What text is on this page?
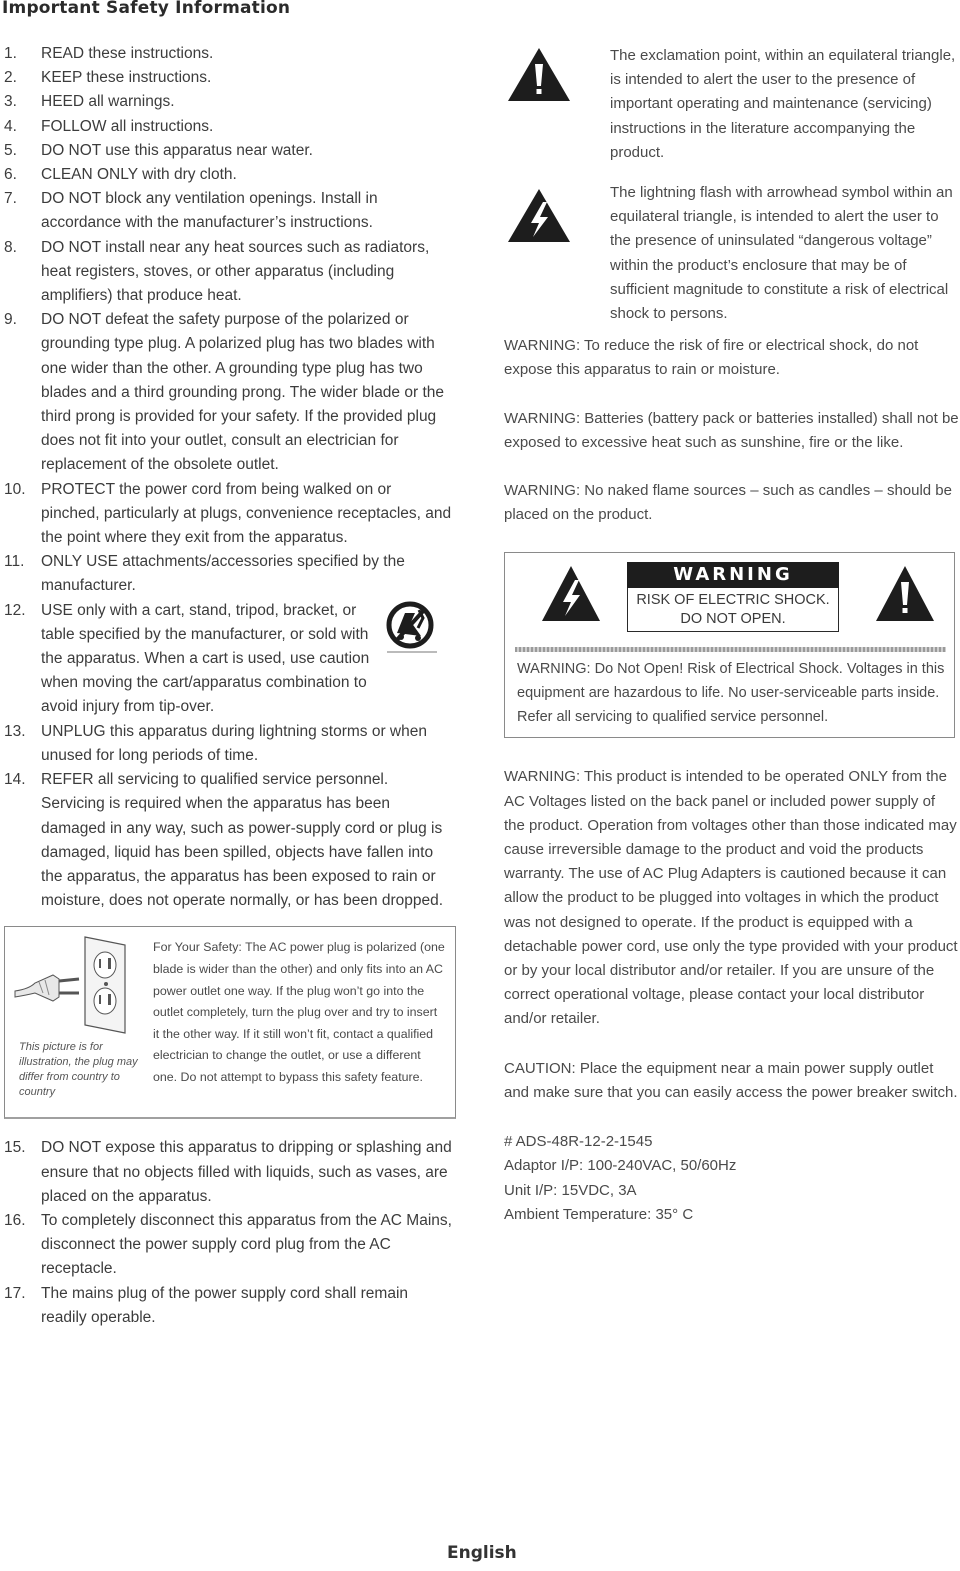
Important Safety Information
1. READ these instructions.
2. KEEP these instructions.
3. HEED all warnings.
4. FOLLOW all instructions.
5. DO NOT use this apparatus near water.
6. CLEAN ONLY with dry cloth.
7. DO NOT block any ventilation openings. Install in accordance with the manufacturer’s instructions.
8. DO NOT install near any heat sources such as radiators, heat registers, stoves, or other apparatus (including amplifiers) that produce heat.
9. DO NOT defeat the safety purpose of the polarized or grounding type plug. A polarized plug has two blades with one wider than the other. A grounding type plug has two blades and a third grounding prong. The wider blade or the third prong is provided for your safety. If the provided plug does not fit into your outlet, consult an electrician for replacement of the obsolete outlet.
10. PROTECT the power cord from being walked on or pinched, particularly at plugs, convenience receptacles, and the point where they exit from the apparatus.
11. ONLY USE attachments/accessories specified by the manufacturer.
12. USE only with a cart, stand, tripod, bracket, or table specified by the manufacturer, or sold with the apparatus. When a cart is used, use caution when moving the cart/apparatus combination to avoid injury from tip-over.
13. UNPLUG this apparatus during lightning storms or when unused for long periods of time.
14. REFER all servicing to qualified service personnel. Servicing is required when the apparatus has been damaged in any way, such as power-supply cord or plug is damaged, liquid has been spilled, objects have fallen into the apparatus, the apparatus has been exposed to rain or moisture, does not operate normally, or has been dropped.
This picture is for illustration, the plug may differ from country to country
For Your Safety: The AC power plug is polarized (one blade is wider than the other) and only fits into an AC power outlet one way. If the plug won’t go into the outlet completely, turn the plug over and try to insert it the other way. If it still won’t fit, contact a qualified electrician to change the outlet, or use a different one. Do not attempt to bypass this safety feature.
15. DO NOT expose this apparatus to dripping or splashing and ensure that no objects filled with liquids, such as vases, are placed on the apparatus.
16. To completely disconnect this apparatus from the AC Mains, disconnect the power supply cord plug from the AC receptacle.
17. The mains plug of the power supply cord shall remain readily operable.
The exclamation point, within an equilateral triangle, is intended to alert the user to the presence of important operating and maintenance (servicing) instructions in the literature accompanying the product.
The lightning flash with arrowhead symbol within an equilateral triangle, is intended to alert the user to the presence of uninsulated “dangerous voltage” within the product’s enclosure that may be of sufficient magnitude to constitute a risk of electrical shock to persons.

WARNING: To reduce the risk of fire or electrical shock, do not expose this apparatus to rain or moisture.

WARNING: Batteries (battery pack or batteries installed) shall not be exposed to excessive heat such as sunshine, fire or the like.

WARNING: No naked flame sources – such as candles – should be placed on the product.

WARNING
RISK OF ELECTRIC SHOCK.
DO NOT OPEN.
WARNING: Do Not Open! Risk of Electrical Shock. Voltages in this equipment are hazardous to life. No user-serviceable parts inside. Refer all servicing to qualified service personnel.

WARNING: This product is intended to be operated ONLY from the AC Voltages listed on the back panel or included power supply of the product. Operation from voltages other than those indicated may cause irreversible damage to the product and void the products warranty. The use of AC Plug Adapters is cautioned because it can allow the product to be plugged into voltages in which the product was not designed to operate. If the product is equipped with a detachable power cord, use only the type provided with your product or by your local distributor and/or retailer. If you are unsure of the correct operational voltage, please contact your local distributor and/or retailer.

CAUTION: Place the equipment near a main power supply outlet and make sure that you can easily access the power breaker switch.

# ADS-48R-12-2-1545
Adaptor I/P: 100-240VAC, 50/60Hz
Unit I/P: 15VDC, 3A
Ambient Temperature: 35° C
English
